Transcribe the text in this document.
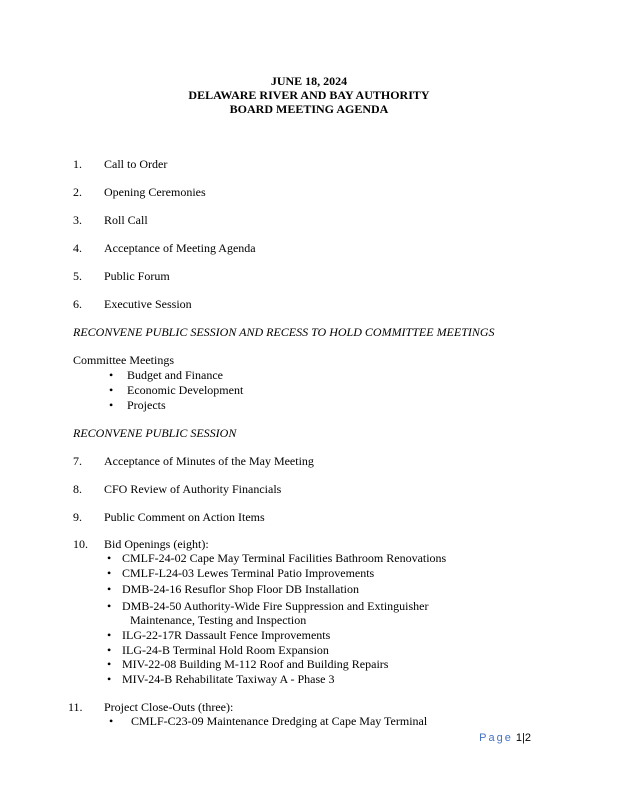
JUNE 18, 2024
DELAWARE RIVER AND BAY AUTHORITY
BOARD MEETING AGENDA
1. Call to Order
2. Opening Ceremonies
3. Roll Call
4. Acceptance of Meeting Agenda
5. Public Forum
6. Executive Session
RECONVENE PUBLIC SESSION AND RECESS TO HOLD COMMITTEE MEETINGS
Committee Meetings
• Budget and Finance
• Economic Development
• Projects
RECONVENE PUBLIC SESSION
7. Acceptance of Minutes of the May Meeting
8. CFO Review of Authority Financials
9. Public Comment on Action Items
10. Bid Openings (eight):
• CMLF-24-02 Cape May Terminal Facilities Bathroom Renovations
• CMLF-L24-03 Lewes Terminal Patio Improvements
• DMB-24-16 Resuflor Shop Floor DB Installation
• DMB-24-50 Authority-Wide Fire Suppression and Extinguisher
Maintenance, Testing and Inspection
• ILG-22-17R Dassault Fence Improvements
• ILG-24-B Terminal Hold Room Expansion
• MIV-22-08 Building M-112 Roof and Building Repairs
• MIV-24-B Rehabilitate Taxiway A - Phase 3
11. Project Close-Outs (three):
• CMLF-C23-09 Maintenance Dredging at Cape May Terminal
Page 1|2
